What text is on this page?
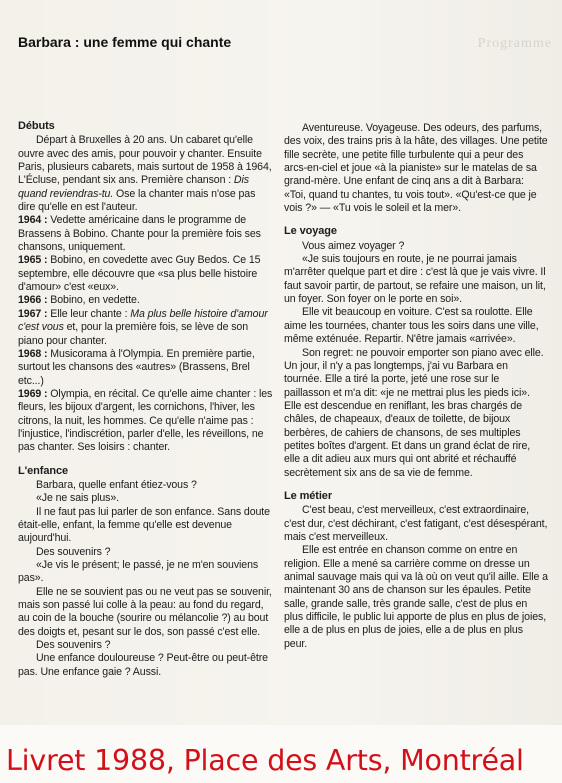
Programme
Barbara : une femme qui chante
Débuts

Départ à Bruxelles à 20 ans. Un cabaret qu'elle ouvre avec des amis, pour pouvoir y chanter. Ensuite Paris, plusieurs cabarets, mais surtout de 1958 à 1964, L'Écluse, pendant six ans. Première chanson : Dis quand reviendras-tu. Ose la chanter mais n'ose pas dire qu'elle en est l'auteur.

1964 : Vedette américaine dans le programme de Brassens à Bobino. Chante pour la première fois ses chansons, uniquement.

1965 : Bobino, en covedette avec Guy Bedos. Ce 15 septembre, elle découvre que «sa plus belle histoire d'amour» c'est «eux».

1966 : Bobino, en vedette.

1967 : Elle leur chante : Ma plus belle histoire d'amour c'est vous et, pour la première fois, se lève de son piano pour chanter.

1968 : Musicorama à l'Olympia. En première partie, surtout les chansons des «autres» (Brassens, Brel etc...)

1969 : Olympia, en récital. Ce qu'elle aime chanter : les fleurs, les bijoux d'argent, les cornichons, l'hiver, les citrons, la nuit, les hommes. Ce qu'elle n'aime pas : l'injustice, l'indiscrétion, parler d'elle, les réveillons, ne pas chanter. Ses loisirs : chanter.

L'enfance

Barbara, quelle enfant étiez-vous ?

«Je ne sais plus».

Il ne faut pas lui parler de son enfance. Sans doute était-elle, enfant, la femme qu'elle est devenue aujourd'hui.

Des souvenirs ?

«Je vis le présent; le passé, je ne m'en souviens pas».

Elle ne se souvient pas ou ne veut pas se souvenir, mais son passé lui colle à la peau: au fond du regard, au coin de la bouche (sourire ou mélancolie ?) au bout des doigts et, pesant sur le dos, son passé c'est elle.

Des souvenirs ?

Une enfance douloureuse ? Peut-être ou peut-être pas. Une enfance gaie ? Aussi.

Aventureuse. Voyageuse. Des odeurs, des parfums, des voix, des trains pris à la hâte, des villages. Une petite fille secrète, une petite fille turbulente qui a peur des arcs-en-ciel et joue «à la pianiste» sur le matelas de sa grand-mère. Une enfant de cinq ans a dit à Barbara: «Toi, quand tu chantes, tu vois tout». «Qu'est-ce que je vois ?» — «Tu vois le soleil et la mer».

Le voyage

Vous aimez voyager ?

«Je suis toujours en route, je ne pourrai jamais m'arrêter quelque part et dire : c'est là que je vais vivre. Il faut savoir partir, de partout, se refaire une maison, un lit, un foyer. Son foyer on le porte en soi».

Elle vit beaucoup en voiture. C'est sa roulotte. Elle aime les tournées, chanter tous les soirs dans une ville, même exténuée. Repartir. N'être jamais «arrivée».

Son regret: ne pouvoir emporter son piano avec elle. Un jour, il n'y a pas longtemps, j'ai vu Barbara en tournée. Elle a tiré la porte, jeté une rose sur le paillasson et m'a dit: «je ne mettrai plus les pieds ici». Elle est descendue en reniflant, les bras chargés de châles, de chapeaux, d'eaux de toilette, de bijoux berbères, de cahiers de chansons, de ses multiples petites boîtes d'argent. Et dans un grand éclat de rire, elle a dit adieu aux murs qui ont abrité et réchauffé secrètement six ans de sa vie de femme.

Le métier

C'est beau, c'est merveilleux, c'est extraordinaire, c'est dur, c'est déchirant, c'est fatigant, c'est désespérant, mais c'est merveilleux.

Elle est entrée en chanson comme on entre en religion. Elle a mené sa carrière comme on dresse un animal sauvage mais qui va là où on veut qu'il aille. Elle a maintenant 30 ans de chanson sur les épaules. Petite salle, grande salle, très grande salle, c'est de plus en plus difficile, le public lui apporte de plus en plus de joies, elle a de plus en plus de joies, elle a de plus en plus peur.

Livret 1988, Place des Arts, Montréal
